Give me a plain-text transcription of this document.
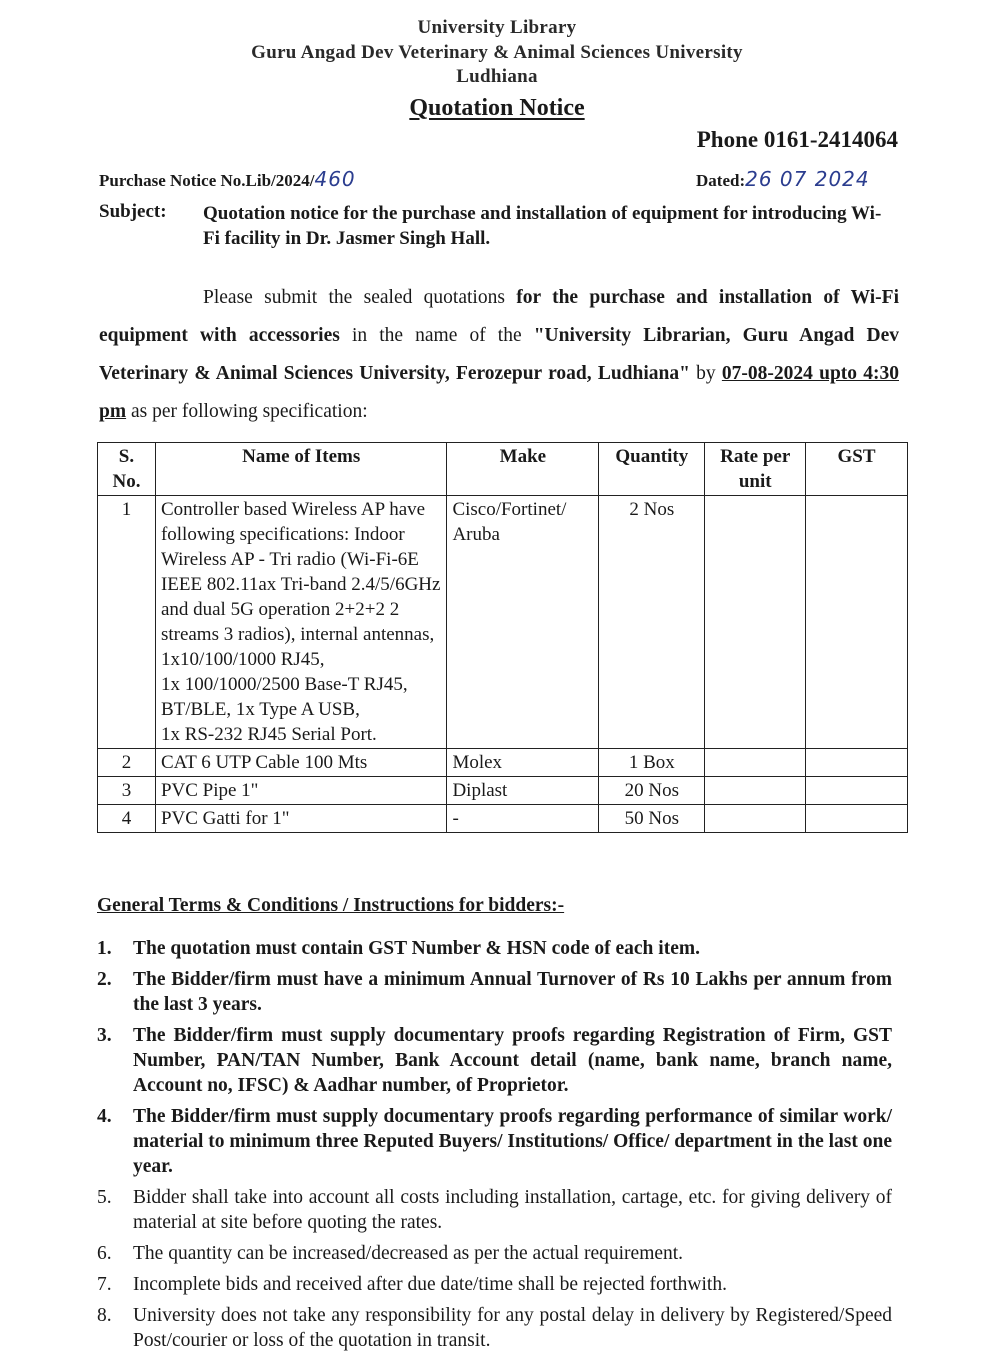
University Library
Guru Angad Dev Veterinary & Animal Sciences University
Ludhiana
Quotation Notice
Phone 0161-2414064
Purchase Notice No.Lib/2024/460	Dated:26 07 2024
Subject: Quotation notice for the purchase and installation of equipment for introducing Wi-Fi facility in Dr. Jasmer Singh Hall.
Please submit the sealed quotations for the purchase and installation of Wi-Fi equipment with accessories in the name of the "University Librarian, Guru Angad Dev Veterinary & Animal Sciences University, Ferozepur road, Ludhiana" by 07-08-2024 upto 4:30 pm as per following specification:
S. No.	Name of Items	Make	Quantity	Rate per unit	GST
1	Controller based Wireless AP have following specifications: Indoor Wireless AP - Tri radio (Wi-Fi-6E IEEE 802.11ax Tri-band 2.4/5/6GHz and dual 5G operation 2+2+2 2 streams 3 radios), internal antennas,
1x10/100/1000 RJ45,
1x 100/1000/2500 Base-T RJ45, BT/BLE, 1x Type A USB,
1x RS-232 RJ45 Serial Port.	Cisco/Fortinet/ Aruba	2 Nos		
2	CAT 6 UTP Cable 100 Mts	Molex	1 Box		
3	PVC Pipe 1"	Diplast	20 Nos		
4	PVC Gatti for 1"	-	50 Nos		
General Terms & Conditions / Instructions for bidders:-
1. The quotation must contain GST Number & HSN code of each item.
2. The Bidder/firm must have a minimum Annual Turnover of Rs 10 Lakhs per annum from the last 3 years.
3. The Bidder/firm must supply documentary proofs regarding Registration of Firm, GST Number, PAN/TAN Number, Bank Account detail (name, bank name, branch name, Account no, IFSC) & Aadhar number, of Proprietor.
4. The Bidder/firm must supply documentary proofs regarding performance of similar work/ material to minimum three Reputed Buyers/ Institutions/ Office/ department in the last one year.
5. Bidder shall take into account all costs including installation, cartage, etc. for giving delivery of material at site before quoting the rates.
6. The quantity can be increased/decreased as per the actual requirement.
7. Incomplete bids and received after due date/time shall be rejected forthwith.
8. University does not take any responsibility for any postal delay in delivery by Registered/Speed Post/courier or loss of the quotation in transit.
